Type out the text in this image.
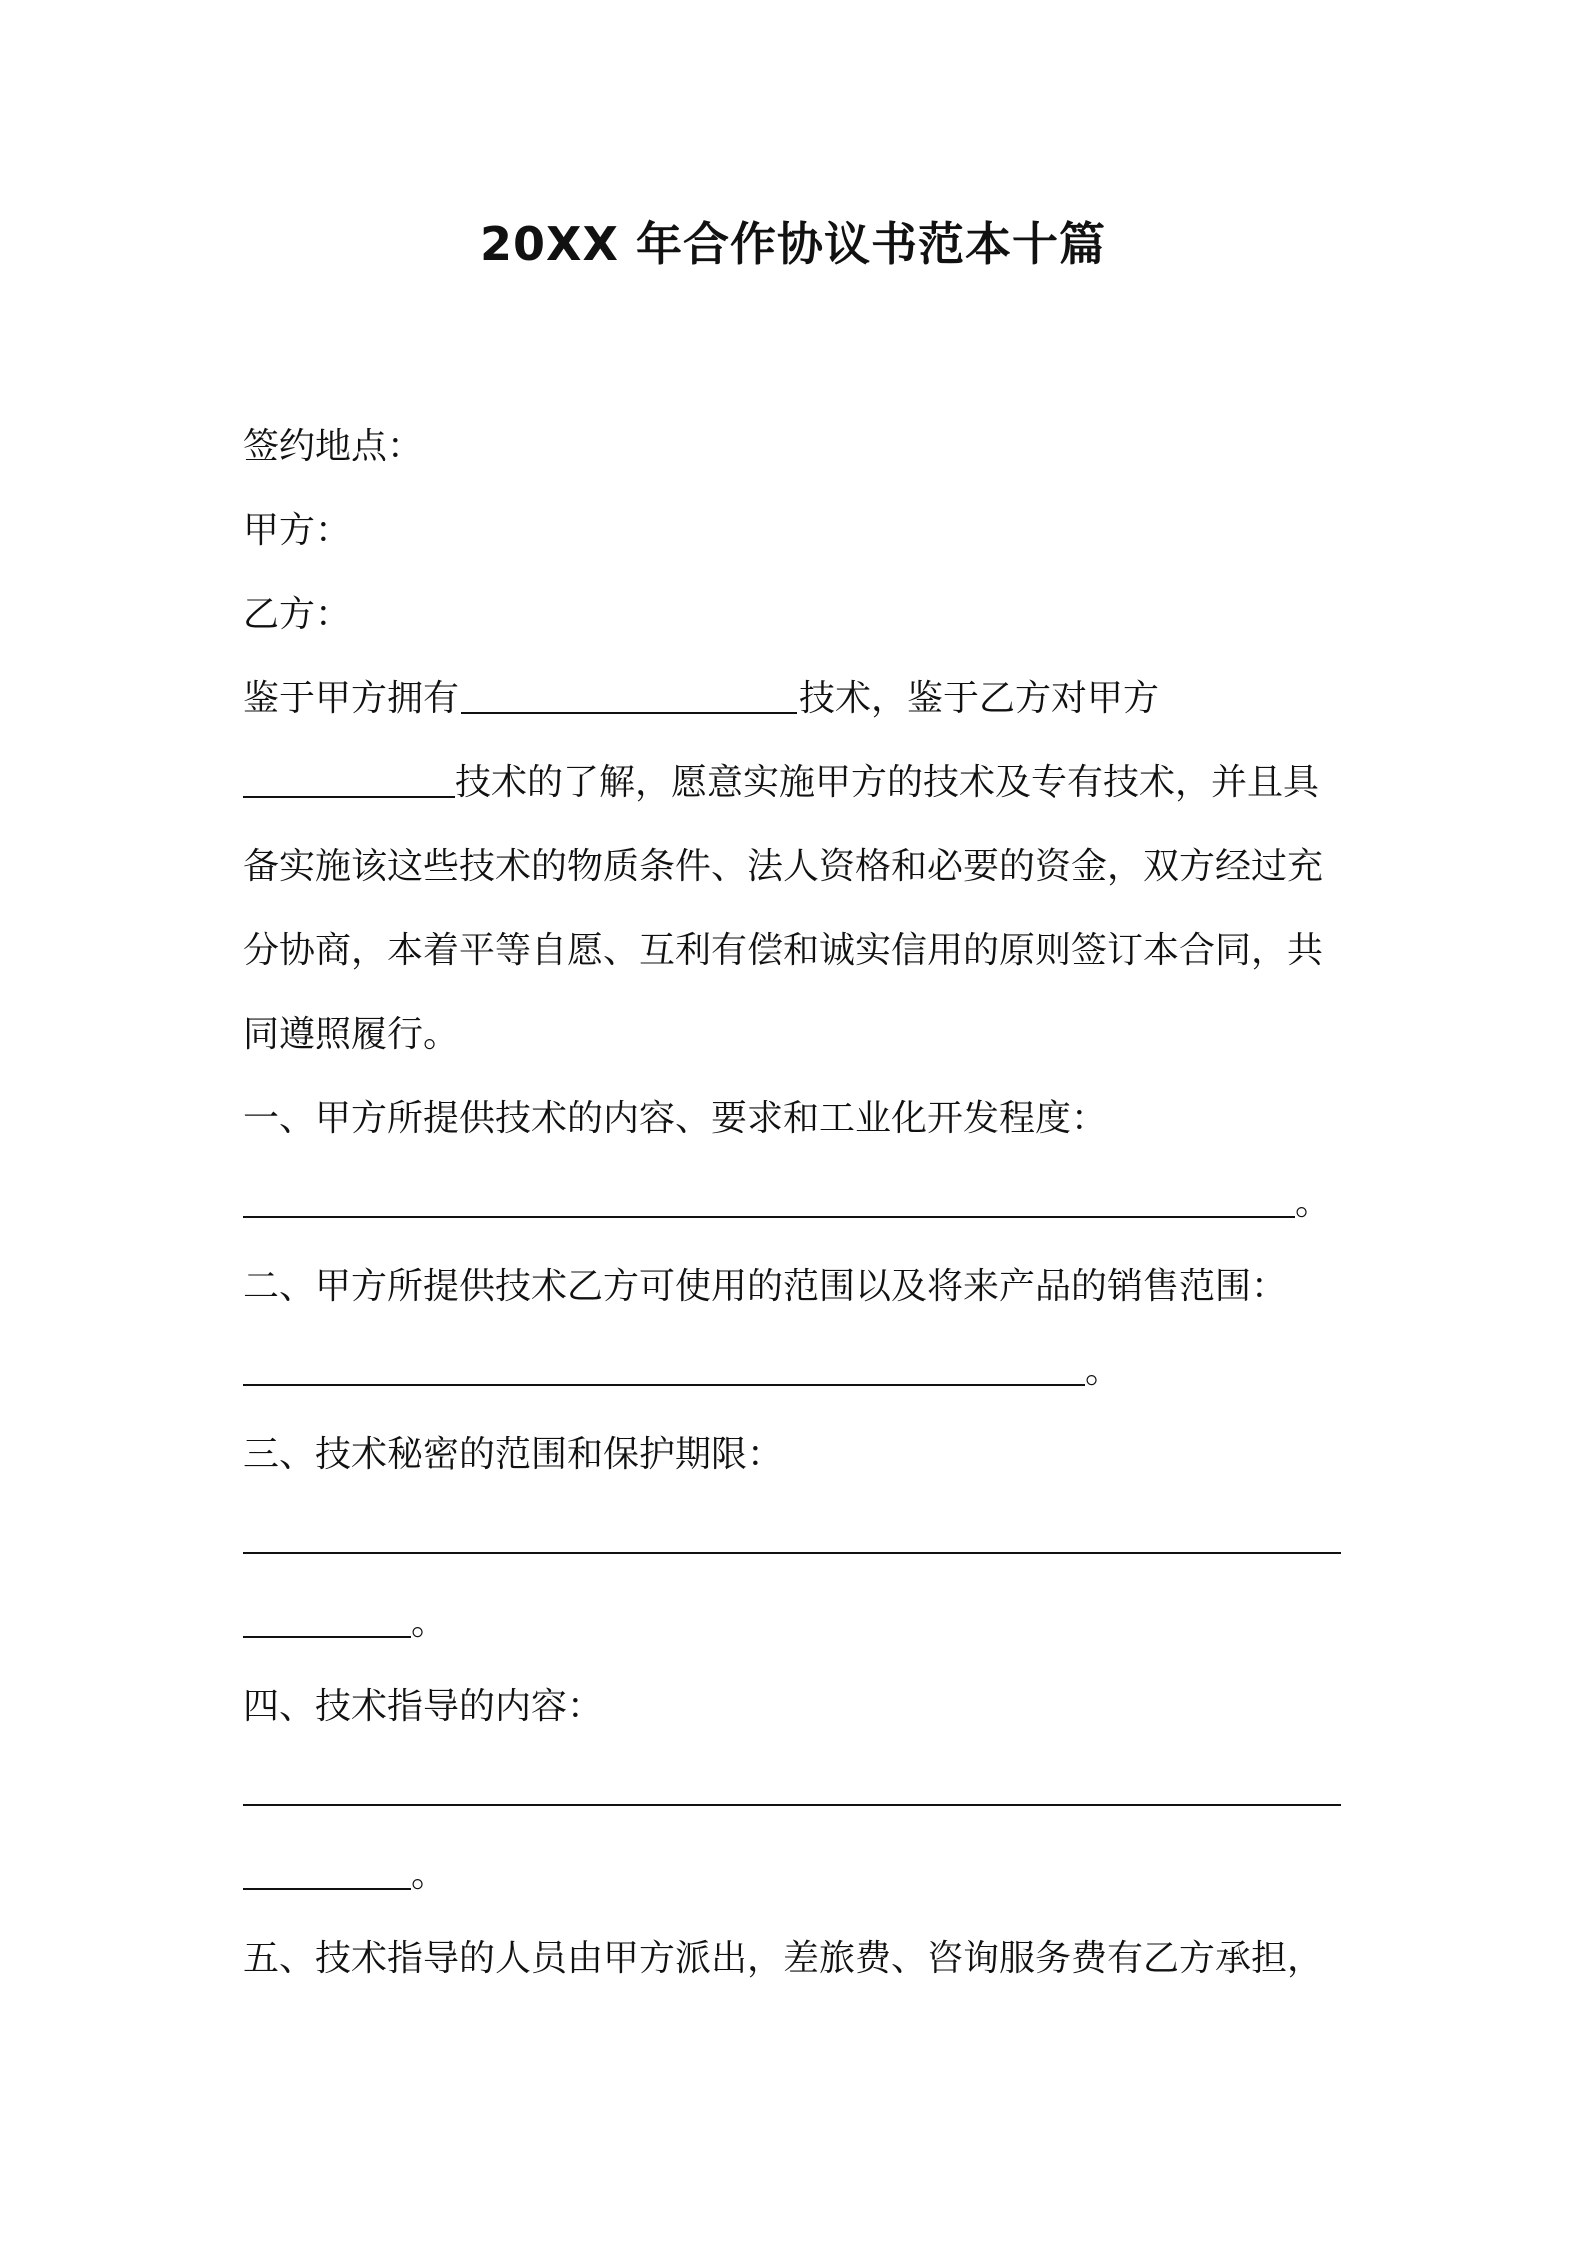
20XX 年合作协议书范本十篇
签约地点：
甲方：
乙方：
鉴于甲方拥有	技术，鉴于乙方对甲方
技术的了解，愿意实施甲方的技术及专有技术，并且具
备实施该这些技术的物质条件、法人资格和必要的资金，双方经过充
分协商，本着平等自愿、互利有偿和诚实信用的原则签订本合同，共
同遵照履行。
一、甲方所提供技术的内容、要求和工业化开发程度：
。
二、甲方所提供技术乙方可使用的范围以及将来产品的销售范围：
。
三、技术秘密的范围和保护期限：
。
四、技术指导的内容：
。
五、技术指导的人员由甲方派出，差旅费、咨询服务费有乙方承担，
